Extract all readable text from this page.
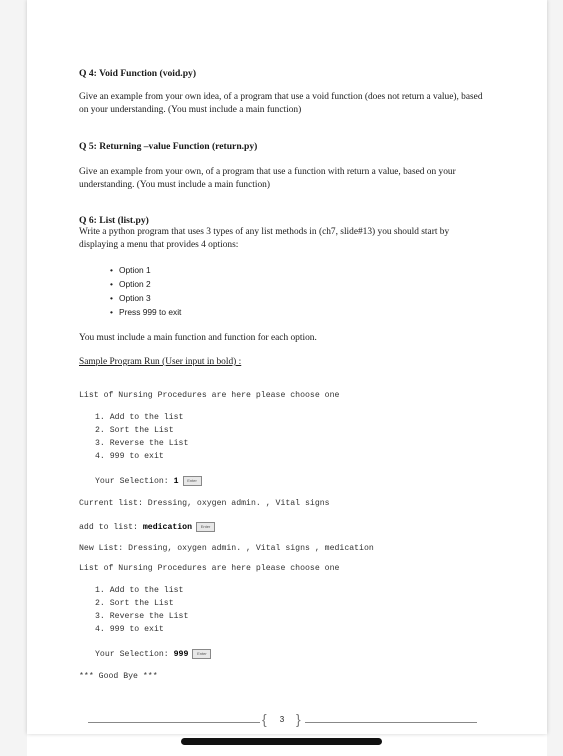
Q 4: Void Function (void.py)

Give an example from your own idea, of a program that use a void function (does not return a value), based on your understanding. (You must include a main function)

Q 5: Returning –value Function (return.py)

Give an example from your own, of a program that use a function with return a value, based on your understanding. (You must include a main function)

Q 6: List (list.py)

Write a python program that uses 3 types of any list methods in (ch7, slide#13) you should start by displaying a menu that provides 4 options:

• Option 1
• Option 2
• Option 3
• Press 999 to exit

You must include a main function and function for each option.

Sample Program Run (User input in bold) :

List of Nursing Procedures are here please choose one
1. Add to the list
2. Sort the List
3. Reverse the List
4. 999 to exit
Your Selection: 1 Enter
Current list: Dressing, oxygen admin. , Vital signs
add to list: medication Enter
New List: Dressing, oxygen admin. , Vital signs , medication
List of Nursing Procedures are here please choose one
1. Add to the list
2. Sort the List
3. Reverse the List
4. 999 to exit
Your Selection: 999 Enter
*** Good Bye ***
{ }
3
